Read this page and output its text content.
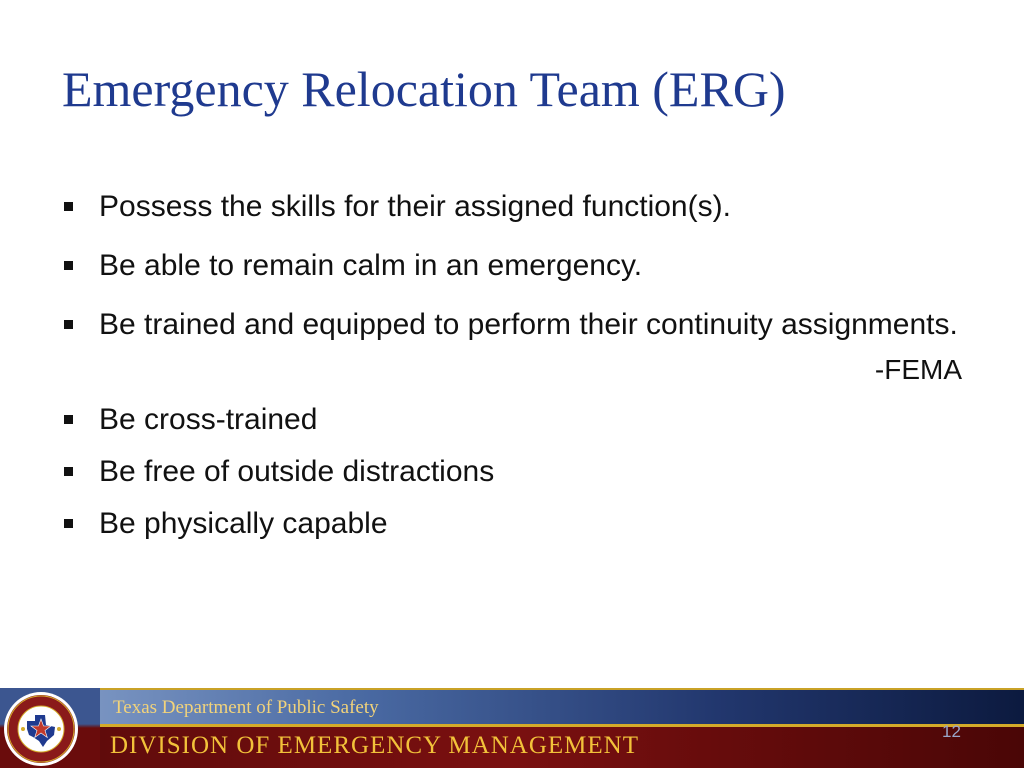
Emergency Relocation Team (ERG)
Possess the skills for their assigned function(s).
Be able to remain calm in an emergency.
Be trained and equipped to perform their continuity assignments.
-FEMA
Be cross-trained
Be free of outside distractions
Be physically capable
Texas Department of Public Safety
DIVISION OF EMERGENCY MANAGEMENT
12
